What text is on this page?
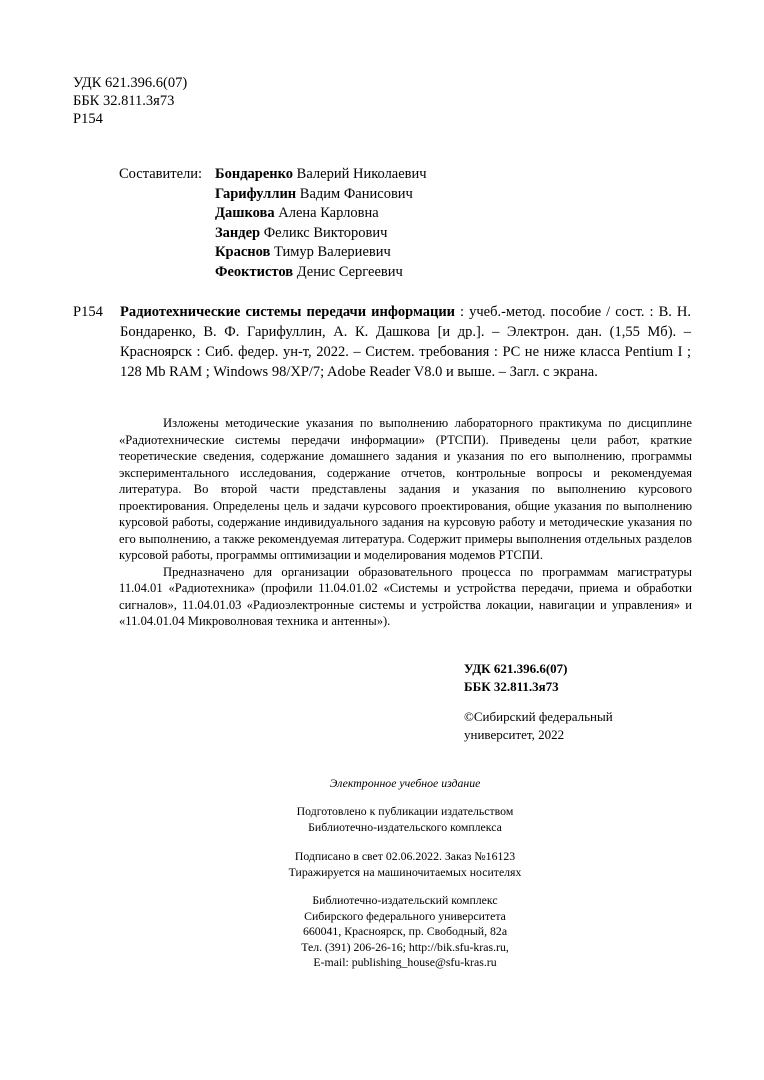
УДК 621.396.6(07)
ББК 32.811.3я73
Р154
Составители: Бондаренко Валерий Николаевич
Гарифуллин Вадим Фанисович
Дашкова Алена Карловна
Зандер Феликс Викторович
Краснов Тимур Валериевич
Феоктистов Денис Сергеевич
Р154 Радиотехнические системы передачи информации : учеб.-метод. пособие / сост. : В. Н. Бондаренко, В. Ф. Гарифуллин, А. К. Дашкова [и др.]. – Электрон. дан. (1,55 Мб). – Красноярск : Сиб. федер. ун-т, 2022. – Систем. требования : PC не ниже класса Pentium I ; 128 Mb RAM ; Windows 98/XP/7; Adobe Reader V8.0 и выше. – Загл. с экрана.

Изложены методические указания по выполнению лабораторного практикума по дисциплине «Радиотехнические системы передачи информации» (РТСПИ). Приведены цели работ, краткие теоретические сведения, содержание домашнего задания и указания по его выполнению, программы экспериментального исследования, содержание отчетов, контрольные вопросы и рекомендуемая литература. Во второй части представлены задания и указания по выполнению курсового проектирования. Определены цель и задачи курсового проектирования, общие указания по выполнению курсовой работы, содержание индивидуального задания на курсовую работу и методические указания по его выполнению, а также рекомендуемая литература. Содержит примеры выполнения отдельных разделов курсовой работы, программы оптимизации и моделирования модемов РТСПИ.

Предназначено для организации образовательного процесса по программам магистратуры 11.04.01 «Радиотехника» (профили 11.04.01.02 «Системы и устройства передачи, приема и обработки сигналов», 11.04.01.03 «Радиоэлектронные системы и устройства локации, навигации и управления» и «11.04.01.04 Микроволновая техника и антенны»).

УДК 621.396.6(07)
ББК 32.811.3я73
©Сибирский федеральный
университет, 2022
Электронное учебное издание
Подготовлено к публикации издательством
Библиотечно-издательского комплекса
Подписано в свет 02.06.2022. Заказ №16123
Тиражируется на машиночитаемых носителях
Библиотечно-издательский комплекс
Сибирского федерального университета
660041, Красноярск, пр. Свободный, 82а
Тел. (391) 206-26-16; http://bik.sfu-kras.ru,
E-mail: publishing_house@sfu-kras.ru
